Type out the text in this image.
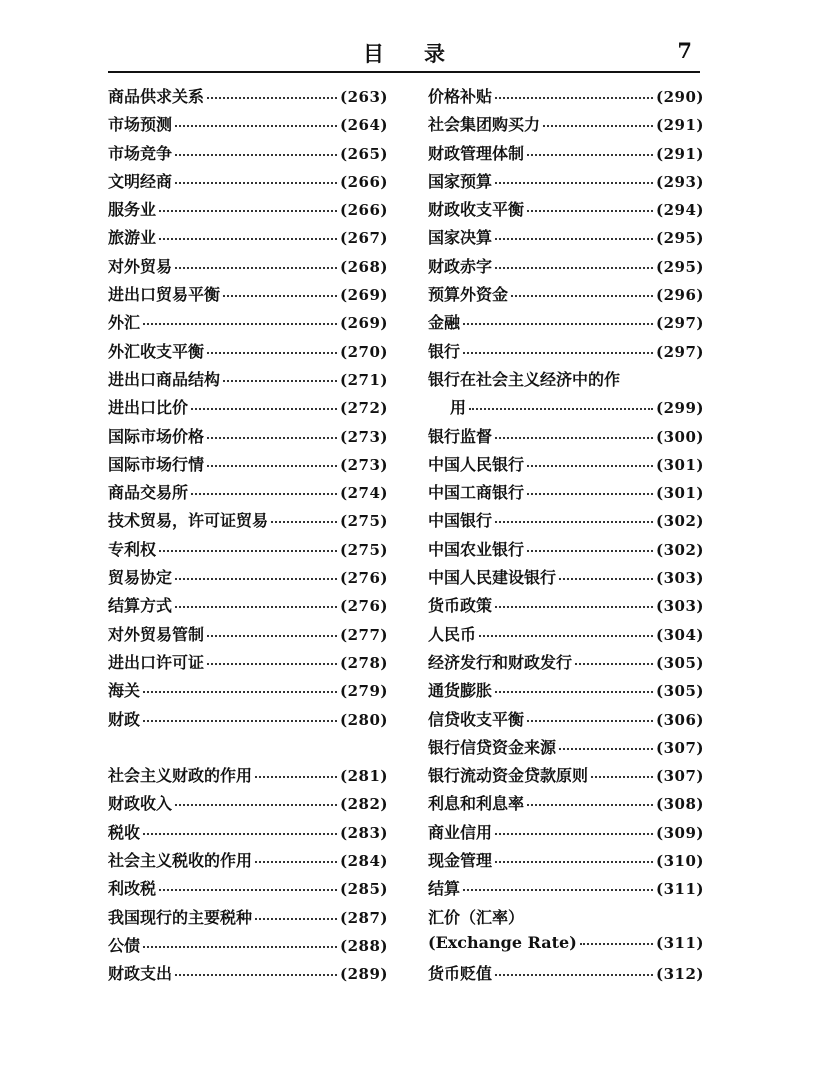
目录	7
商品供求关系	(263)
市场预测	(264)
市场竞争	(265)
文明经商	(266)
服务业	(266)
旅游业	(267)
对外贸易	(268)
进出口贸易平衡	(269)
外汇	(269)
外汇收支平衡	(270)
进出口商品结构	(271)
进出口比价	(272)
国际市场价格	(273)
国际市场行情	(273)
商品交易所	(274)
技术贸易，许可证贸易	(275)
专利权	(275)
贸易协定	(276)
结算方式	(276)
对外贸易管制	(277)
进出口许可证	(278)
海关	(279)
财政	(280)
社会主义财政的作用	(281)
财政收入	(282)
税收	(283)
社会主义税收的作用	(284)
利改税	(285)
我国现行的主要税种	(287)
公债	(288)
财政支出	(289)
价格补贴	(290)
社会集团购买力	(291)
财政管理体制	(291)
国家预算	(293)
财政收支平衡	(294)
国家决算	(295)
财政赤字	(295)
预算外资金	(296)
金融	(297)
银行	(297)
银行在社会主义经济中的作
用	(299)
银行监督	(300)
中国人民银行	(301)
中国工商银行	(301)
中国银行	(302)
中国农业银行	(302)
中国人民建设银行	(303)
货币政策	(303)
人民币	(304)
经济发行和财政发行	(305)
通货膨胀	(305)
信贷收支平衡	(306)
银行信贷资金来源	(307)
银行流动资金贷款原则	(307)
利息和利息率	(308)
商业信用	(309)
现金管理	(310)
结算	(311)
汇价（汇率）
(Exchange Rate)	(311)
货币贬值	(312)
